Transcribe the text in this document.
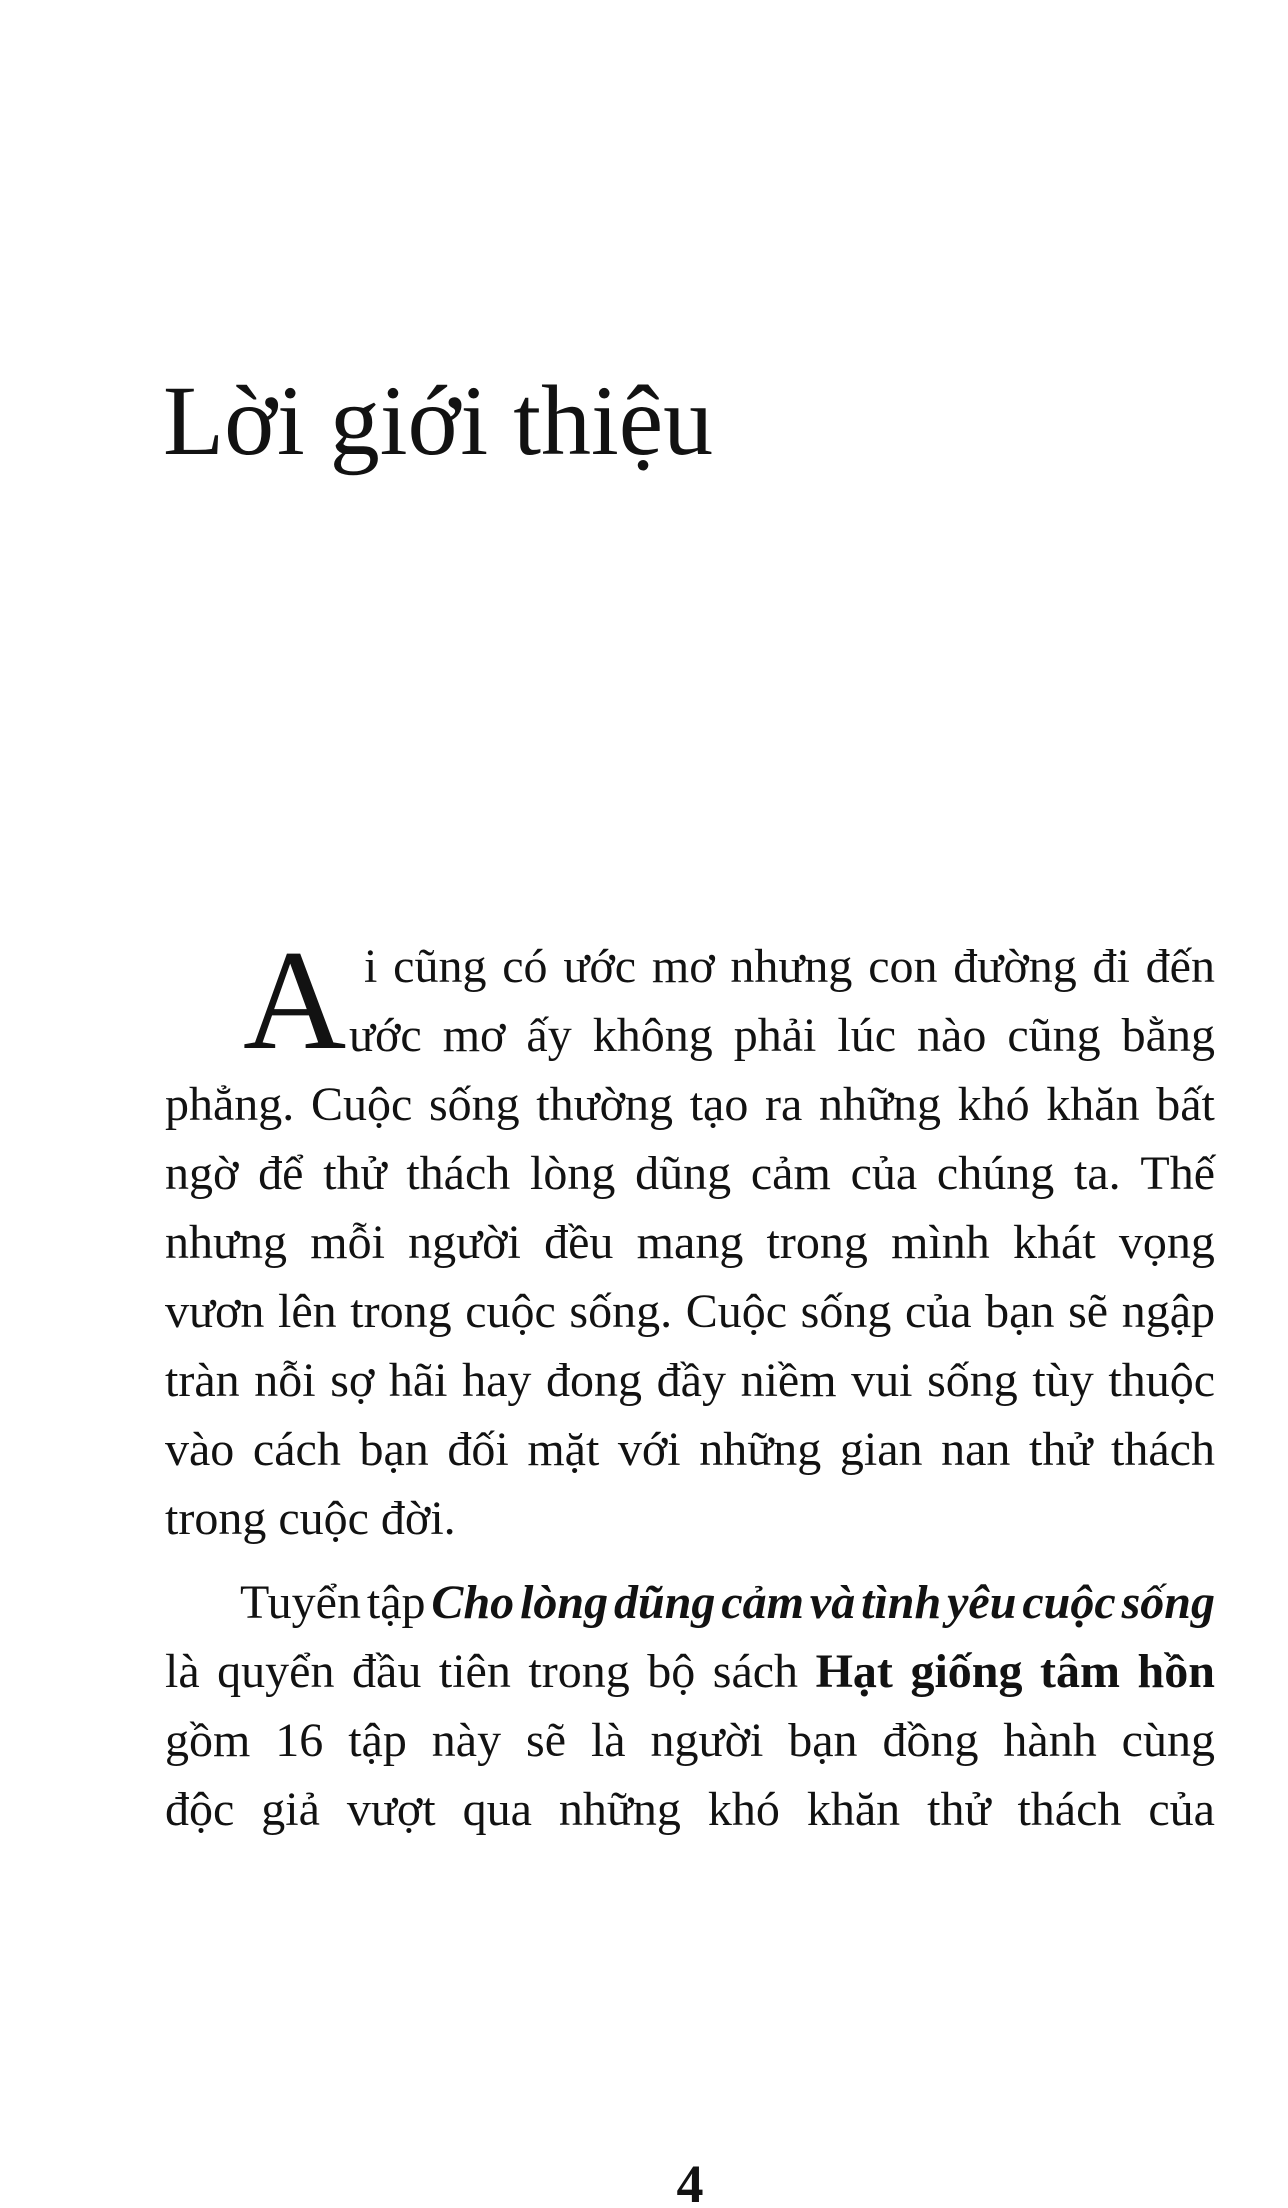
Lời giới thiệu
A i cũng có ước mơ nhưng con đường đi đến
ước mơ ấy không phải lúc nào cũng bằng
phẳng. Cuộc sống thường tạo ra những khó khăn bất
ngờ để thử thách lòng dũng cảm của chúng ta. Thế
nhưng mỗi người đều mang trong mình khát vọng
vươn lên trong cuộc sống. Cuộc sống của bạn sẽ ngập
tràn nỗi sợ hãi hay đong đầy niềm vui sống tùy thuộc
vào cách bạn đối mặt với những gian nan thử thách
trong cuộc đời.
Tuyển tập Cho lòng dũng cảm và tình yêu cuộc sống
là quyển đầu tiên trong bộ sách Hạt giống tâm hồn
gồm 16 tập này sẽ là người bạn đồng hành cùng
độc giả vượt qua những khó khăn thử thách của
4
